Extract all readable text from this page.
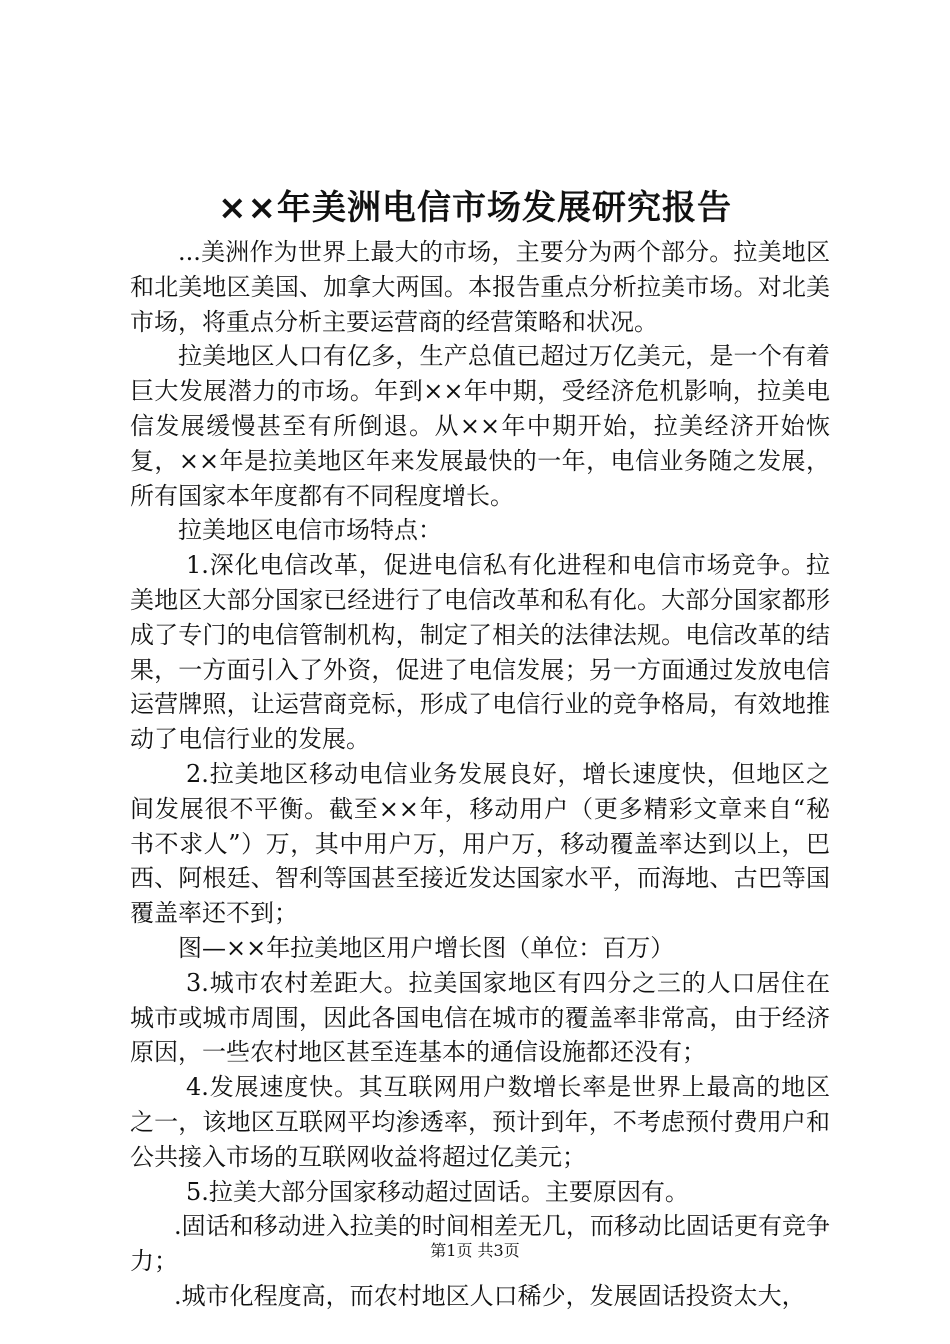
××年美洲电信市场发展研究报告

...美洲作为世界上最大的市场，主要分为两个部分。拉美地区和北美地区美国、加拿大两国。本报告重点分析拉美市场。对北美市场，将重点分析主要运营商的经营策略和状况。

拉美地区人口有亿多，生产总值已超过万亿美元，是一个有着巨大发展潜力的市场。年到××年中期，受经济危机影响，拉美电信发展缓慢甚至有所倒退。从××年中期开始，拉美经济开始恢复，××年是拉美地区年来发展最快的一年，电信业务随之发展，所有国家本年度都有不同程度增长。

拉美地区电信市场特点：

1.深化电信改革，促进电信私有化进程和电信市场竞争。拉美地区大部分国家已经进行了电信改革和私有化。大部分国家都形成了专门的电信管制机构，制定了相关的法律法规。电信改革的结果，一方面引入了外资，促进了电信发展；另一方面通过发放电信运营牌照，让运营商竞标，形成了电信行业的竞争格局，有效地推动了电信行业的发展。

2.拉美地区移动电信业务发展良好，增长速度快，但地区之间发展很不平衡。截至××年，移动用户（更多精彩文章来自“秘书不求人”）万，其中用户万，用户万，移动覆盖率达到以上，巴西、阿根廷、智利等国甚至接近发达国家水平，而海地、古巴等国覆盖率还不到；

图—××年拉美地区用户增长图（单位：百万）

3.城市农村差距大。拉美国家地区有四分之三的人口居住在城市或城市周围，因此各国电信在城市的覆盖率非常高，由于经济原因，一些农村地区甚至连基本的通信设施都还没有；

4.发展速度快。其互联网用户数增长率是世界上最高的地区之一，该地区互联网平均渗透率，预计到年，不考虑预付费用户和公共接入市场的互联网收益将超过亿美元；

5.拉美大部分国家移动超过固话。主要原因有。

.固话和移动进入拉美的时间相差无几，而移动比固话更有竞争力；

.城市化程度高，而农村地区人口稀少，发展固话投资太大，

第1页 共3页
